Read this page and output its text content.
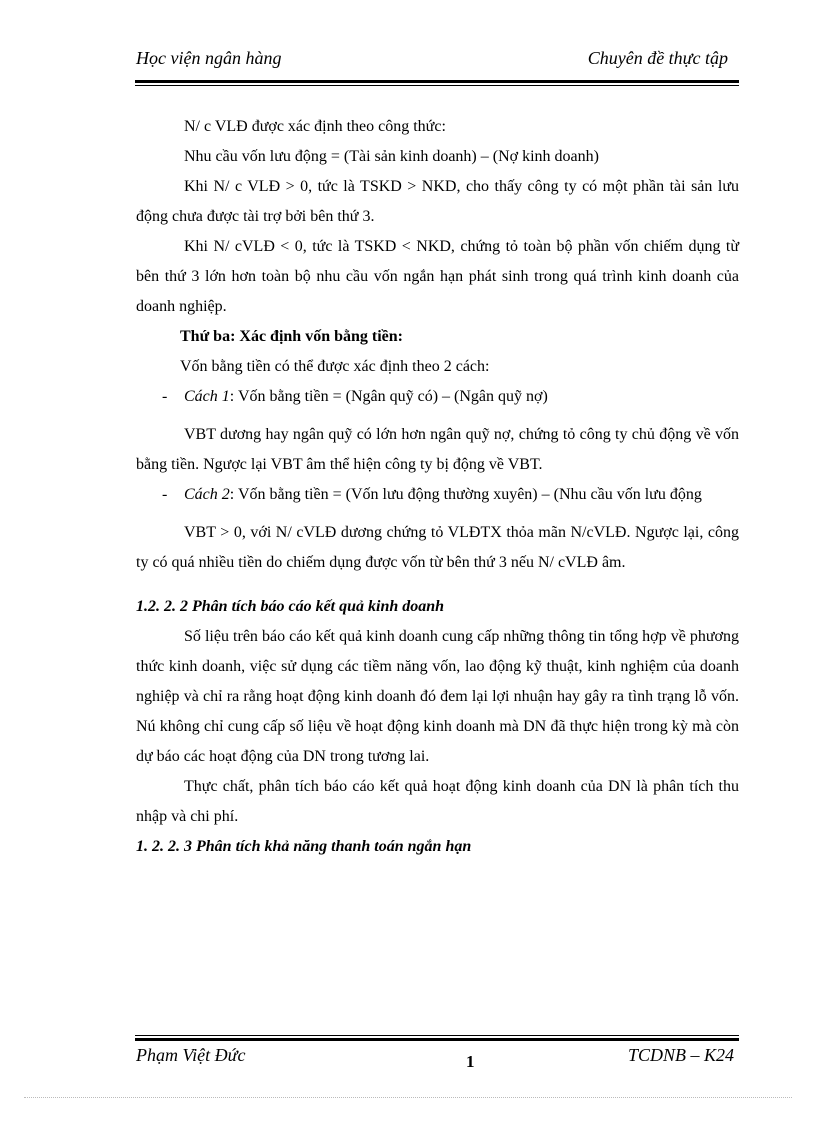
Học viện ngân hàng	Chuyên đề thực tập

N/ c VLĐ được xác định theo công thức:

Nhu cầu vốn lưu động = (Tài sản kinh doanh) – (Nợ kinh doanh)

Khi N/ c VLĐ > 0, tức là TSKD > NKD, cho thấy công ty có một phần tài sản lưu động chưa được tài trợ bởi bên thứ 3.

Khi N/ cVLĐ < 0, tức là TSKD < NKD, chứng tỏ toàn bộ phần vốn chiếm dụng từ bên thứ 3 lớn hơn toàn bộ nhu cầu vốn ngắn hạn phát sinh trong quá trình kinh doanh của doanh nghiệp.

Thứ ba: Xác định vốn bằng tiền:

Vốn bằng tiền có thể được xác định theo 2 cách:

- Cách 1: Vốn bằng tiền = (Ngân quỹ có) – (Ngân quỹ nợ)

VBT dương hay ngân quỹ có lớn hơn ngân quỹ nợ, chứng tỏ công ty chủ động về vốn bằng tiền. Ngược lại VBT âm thể hiện công ty bị động về VBT.

- Cách 2: Vốn bằng tiền = (Vốn lưu động thường xuyên) – (Nhu cầu vốn lưu động

VBT > 0, với N/ cVLĐ dương chứng tỏ VLĐTX thỏa mãn N/cVLĐ. Ngược lại, công ty có quá nhiều tiền do chiếm dụng được vốn từ bên thứ 3 nếu N/ cVLĐ âm.

1.2. 2. 2 Phân tích báo cáo kết quả kinh doanh

Số liệu trên báo cáo kết quả kinh doanh cung cấp những thông tin tổng hợp về phương thức kinh doanh, việc sử dụng các tiềm năng vốn, lao động kỹ thuật, kinh nghiệm của doanh nghiệp và chỉ ra rằng hoạt động kinh doanh đó đem lại lợi nhuận hay gây ra tình trạng lỗ vốn. Nú không chỉ cung cấp số liệu về hoạt động kinh doanh mà DN đã thực hiện trong kỳ mà còn dự báo các hoạt động của DN trong tương lai.

Thực chất, phân tích báo cáo kết quả hoạt động kinh doanh của DN là phân tích thu nhập và chi phí.

1. 2. 2. 3 Phân tích khả năng thanh toán ngắn hạn

Phạm Việt Đức	1	TCDNB – K24
